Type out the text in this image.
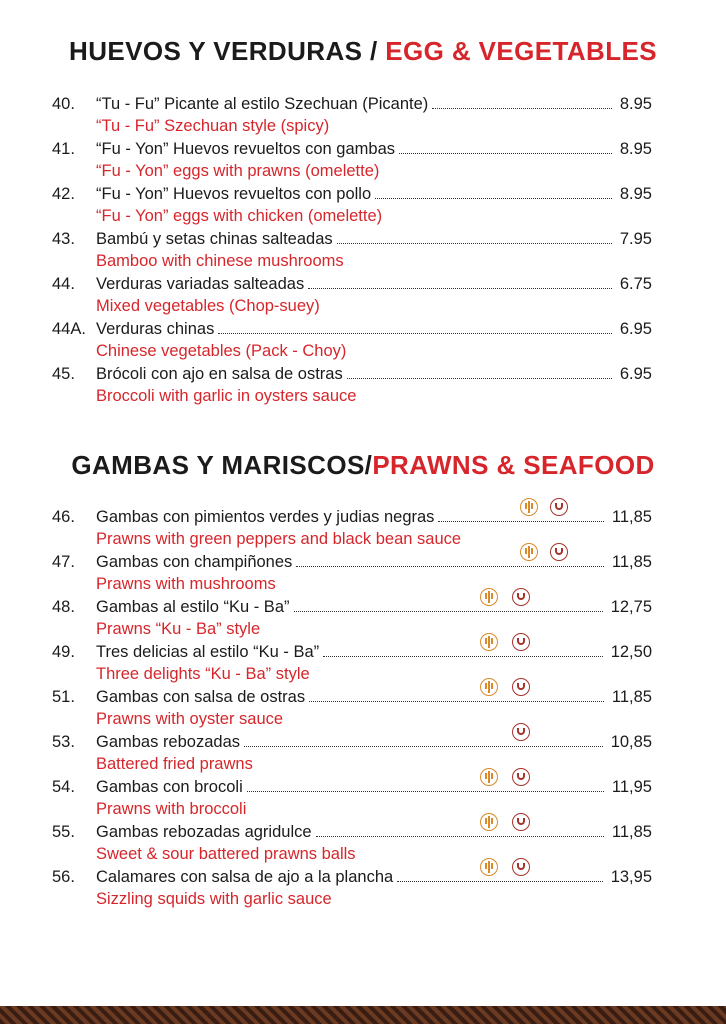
HUEVOS Y VERDURAS / EGG & VEGETABLES
40. “Tu - Fu” Picante al estilo Szechuan (Picante)	8.95
“Tu - Fu” Szechuan style (spicy)
41. “Fu - Yon” Huevos revueltos con gambas	8.95
“Fu - Yon” eggs with prawns (omelette)
42. “Fu - Yon” Huevos revueltos con pollo	8.95
“Fu - Yon” eggs with chicken (omelette)
43. Bambú y setas chinas salteadas	7.95
Bamboo with chinese mushrooms
44. Verduras variadas salteadas	6.75
Mixed vegetables (Chop-suey)
44A. Verduras chinas	6.95
Chinese vegetables (Pack - Choy)
45. Brócoli con ajo en salsa de ostras	6.95
Broccoli with garlic in oysters sauce
GAMBAS Y MARISCOS/PRAWNS & SEAFOOD
46. Gambas con pimientos verdes y judias negras	11,85
Prawns with green peppers and black bean sauce
47. Gambas con champiñones	11,85
Prawns with mushrooms
48. Gambas al estilo “Ku - Ba”	12,75
Prawns “Ku - Ba” style
49. Tres delicias al estilo “Ku - Ba”	12,50
Three delights “Ku - Ba” style
51. Gambas con salsa de ostras	11,85
Prawns with oyster sauce
53. Gambas rebozadas	10,85
Battered fried prawns
54. Gambas con brocoli	11,95
Prawns with broccoli
55. Gambas rebozadas agridulce	11,85
Sweet & sour battered prawns balls
56. Calamares con salsa de ajo a la plancha	13,95
Sizzling squids with garlic sauce
